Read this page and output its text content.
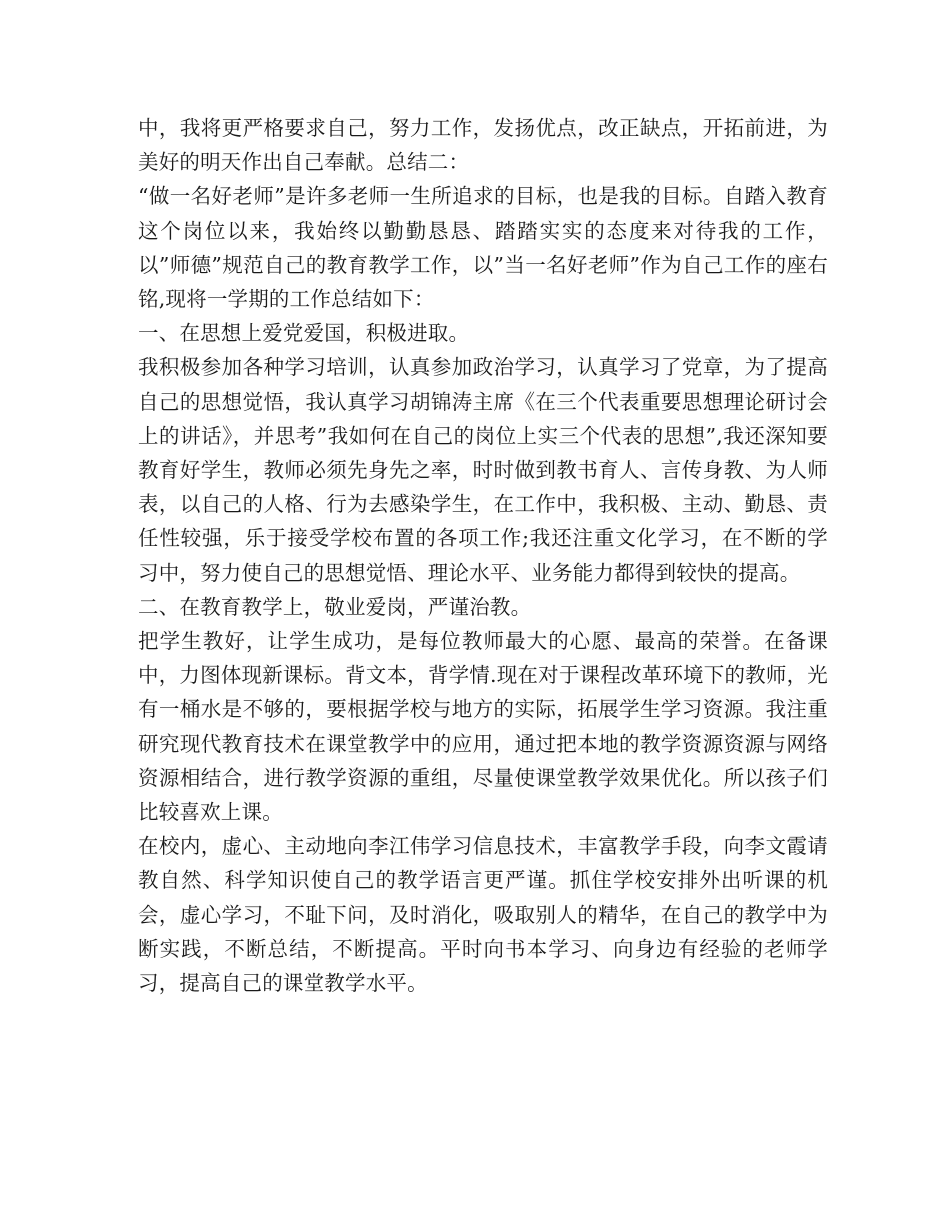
中，我将更严格要求自己，努力工作，发扬优点，改正缺点，开拓前进，为美好的明天作出自己奉献。总结二：

“做一名好老师”是许多老师一生所追求的目标，也是我的目标。自踏入教育这个岗位以来，我始终以勤勤恳恳、踏踏实实的态度来对待我的工作，以”师德”规范自己的教育教学工作，以”当一名好老师”作为自己工作的座右铭,现将一学期的工作总结如下：

一、在思想上爱党爱国，积极进取。

我积极参加各种学习培训，认真参加政治学习，认真学习了党章，为了提高自己的思想觉悟，我认真学习胡锦涛主席《在三个代表重要思想理论研讨会上的讲话》，并思考”我如何在自己的岗位上实三个代表的思想”,我还深知要教育好学生，教师必须先身先之率，时时做到教书育人、言传身教、为人师表，以自己的人格、行为去感染学生，在工作中，我积极、主动、勤恳、责任性较强，乐于接受学校布置的各项工作;我还注重文化学习，在不断的学习中，努力使自己的思想觉悟、理论水平、业务能力都得到较快的提高。

二、在教育教学上，敬业爱岗，严谨治教。

把学生教好，让学生成功，是每位教师最大的心愿、最高的荣誉。在备课中，力图体现新课标。背文本，背学情.现在对于课程改革环境下的教师，光有一桶水是不够的，要根据学校与地方的实际，拓展学生学习资源。我注重研究现代教育技术在课堂教学中的应用，通过把本地的教学资源资源与网络资源相结合，进行教学资源的重组，尽量使课堂教学效果优化。所以孩子们比较喜欢上课。

在校内，虚心、主动地向李江伟学习信息技术，丰富教学手段，向李文霞请教自然、科学知识使自己的教学语言更严谨。抓住学校安排外出听课的机会，虚心学习，不耻下问，及时消化，吸取别人的精华，在自己的教学中为断实践，不断总结，不断提高。平时向书本学习、向身边有经验的老师学习，提高自己的课堂教学水平。
